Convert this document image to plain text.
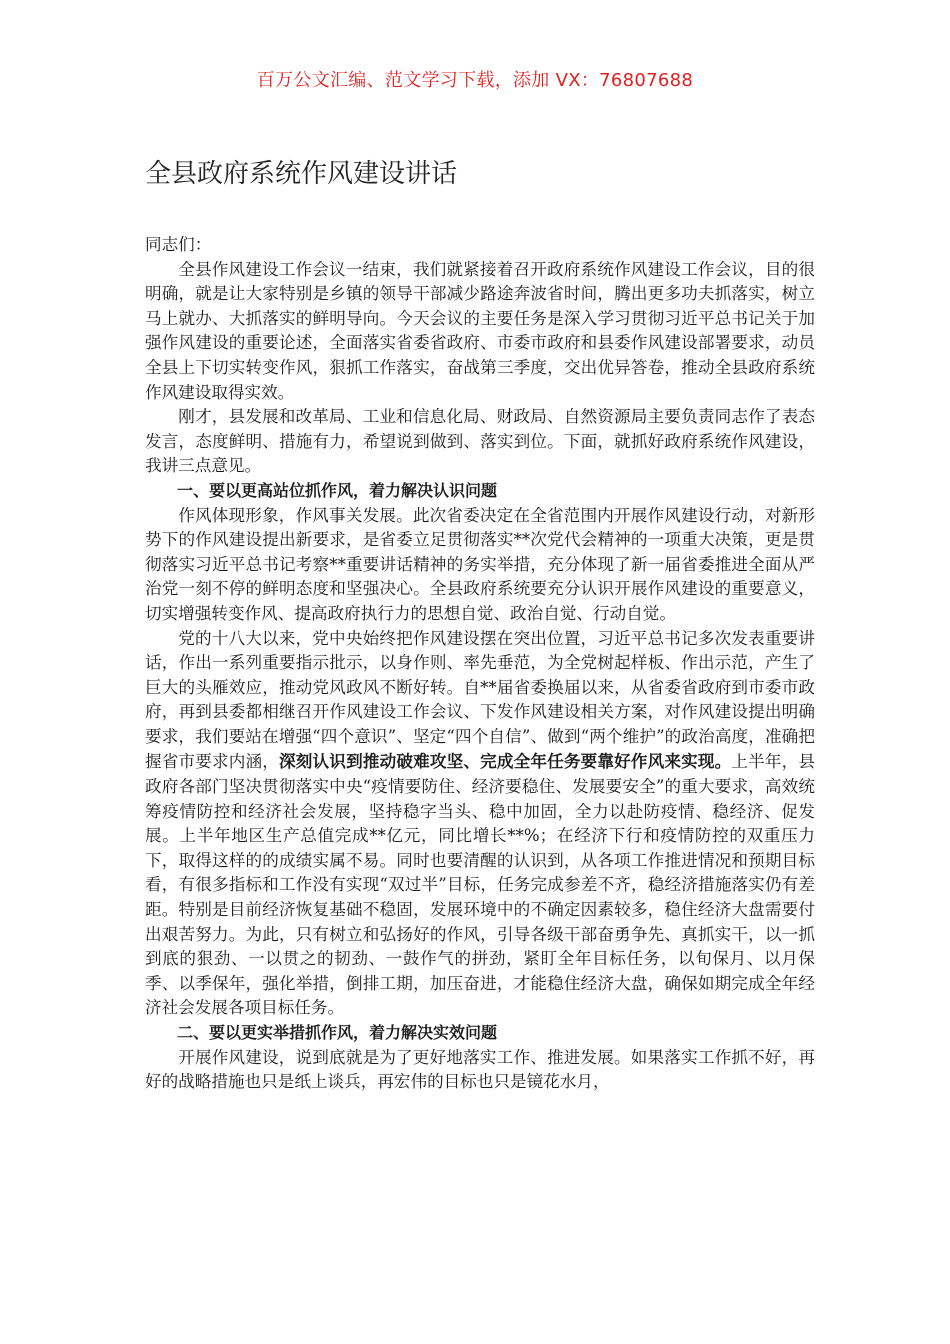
百万公文汇编、范文学习下载，添加 VX：76807688
全县政府系统作风建设讲话

同志们：

全县作风建设工作会议一结束，我们就紧接着召开政府系统作风建设工作会议，目的很明确，就是让大家特别是乡镇的领导干部减少路途奔波省时间，腾出更多功夫抓落实，树立马上就办、大抓落实的鲜明导向。今天会议的主要任务是深入学习贯彻习近平总书记关于加强作风建设的重要论述，全面落实省委省政府、市委市政府和县委作风建设部署要求，动员全县上下切实转变作风，狠抓工作落实，奋战第三季度，交出优异答卷，推动全县政府系统作风建设取得实效。

刚才，县发展和改革局、工业和信息化局、财政局、自然资源局主要负责同志作了表态发言，态度鲜明、措施有力，希望说到做到、落实到位。下面，就抓好政府系统作风建设，我讲三点意见。

一、要以更高站位抓作风，着力解决认识问题

作风体现形象，作风事关发展。此次省委决定在全省范围内开展作风建设行动，对新形势下的作风建设提出新要求，是省委立足贯彻落实**次党代会精神的一项重大决策，更是贯彻落实习近平总书记考察**重要讲话精神的务实举措，充分体现了新一届省委推进全面从严治党一刻不停的鲜明态度和坚强决心。全县政府系统要充分认识开展作风建设的重要意义，切实增强转变作风、提高政府执行力的思想自觉、政治自觉、行动自觉。

党的十八大以来，党中央始终把作风建设摆在突出位置，习近平总书记多次发表重要讲话，作出一系列重要指示批示，以身作则、率先垂范，为全党树起样板、作出示范，产生了巨大的头雁效应，推动党风政风不断好转。自**届省委换届以来，从省委省政府到市委市政府，再到县委都相继召开作风建设工作会议、下发作风建设相关方案，对作风建设提出明确要求，我们要站在增强“四个意识”、坚定“四个自信”、做到“两个维护”的政治高度，准确把握省市要求内涵，深刻认识到推动破难攻坚、完成全年任务要靠好作风来实现。上半年，县政府各部门坚决贯彻落实中央“疫情要防住、经济要稳住、发展要安全”的重大要求，高效统筹疫情防控和经济社会发展，坚持稳字当头、稳中加固，全力以赴防疫情、稳经济、促发展。上半年地区生产总值完成**亿元，同比增长**%；在经济下行和疫情防控的双重压力下，取得这样的的成绩实属不易。同时也要清醒的认识到，从各项工作推进情况和预期目标看，有很多指标和工作没有实现“双过半”目标，任务完成参差不齐，稳经济措施落实仍有差距。特别是目前经济恢复基础不稳固，发展环境中的不确定因素较多，稳住经济大盘需要付出艰苦努力。为此，只有树立和弘扬好的作风，引导各级干部奋勇争先、真抓实干，以一抓到底的狠劲、一以贯之的韧劲、一鼓作气的拼劲，紧盯全年目标任务，以旬保月、以月保季、以季保年，强化举措，倒排工期，加压奋进，才能稳住经济大盘，确保如期完成全年经济社会发展各项目标任务。

二、要以更实举措抓作风，着力解决实效问题

开展作风建设，说到底就是为了更好地落实工作、推进发展。如果落实工作抓不好，再好的战略措施也只是纸上谈兵，再宏伟的目标也只是镜花水月，
